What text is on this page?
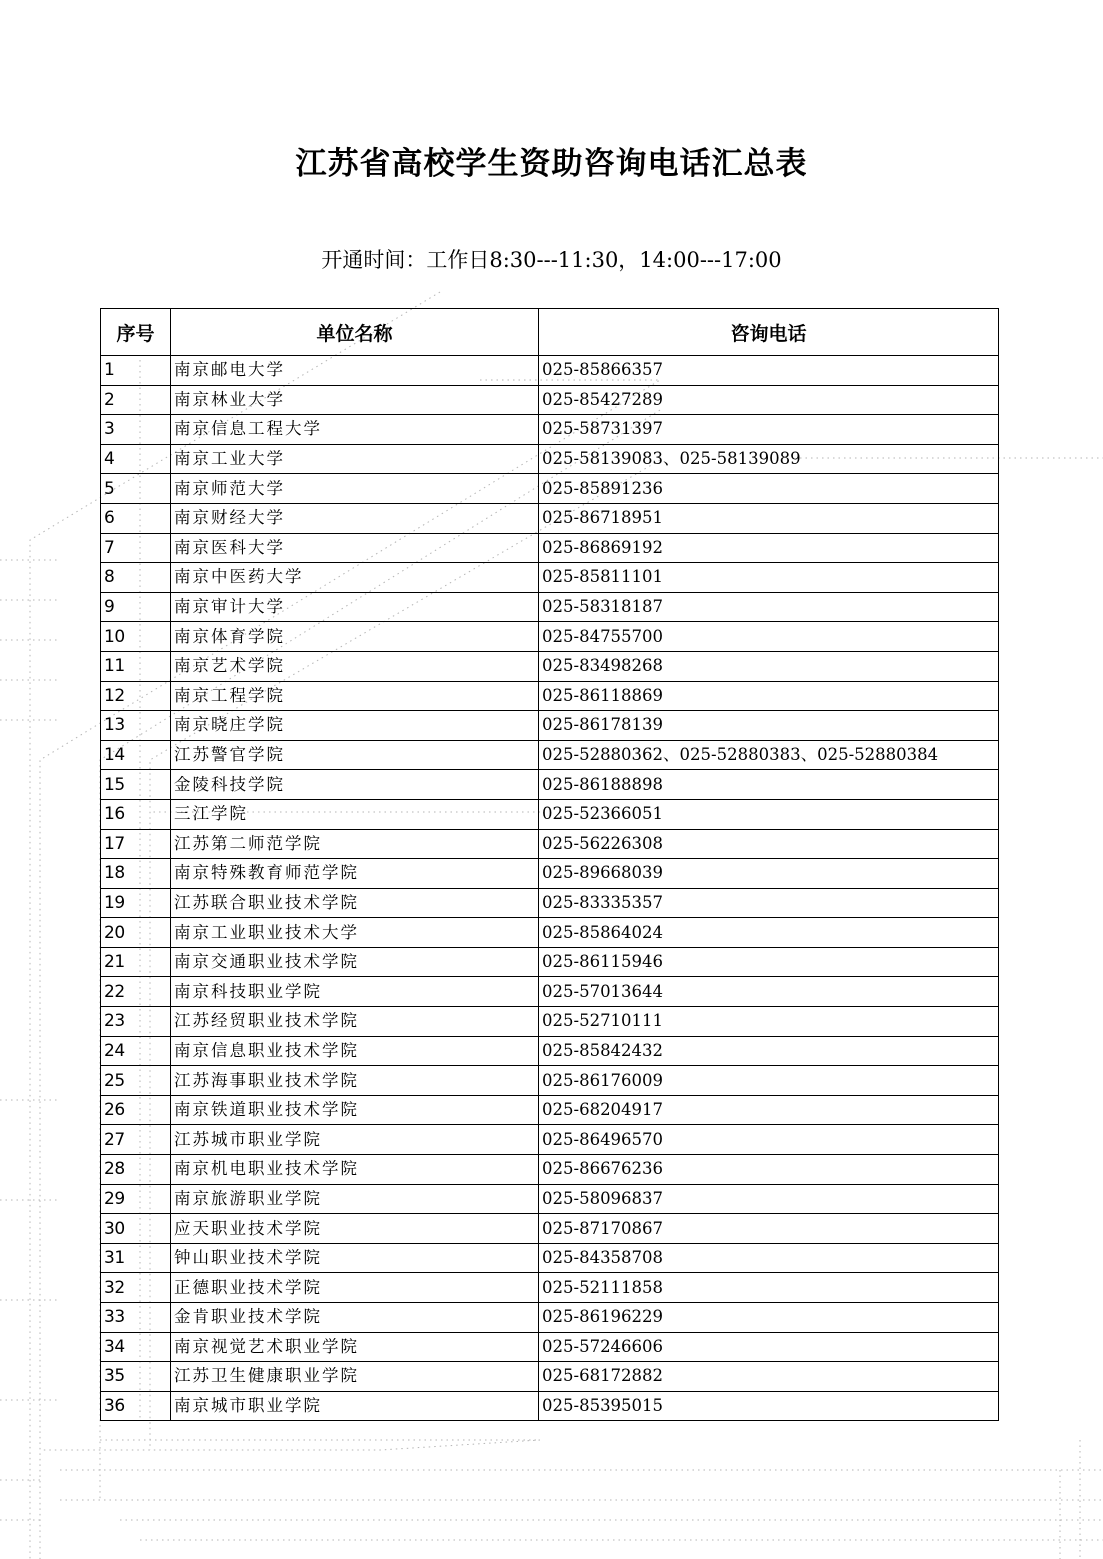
江苏省高校学生资助咨询电话汇总表
开通时间：工作日8:30---11:30，14:00---17:00
序号	单位名称	咨询电话
1	南京邮电大学	025-85866357
2	南京林业大学	025-85427289
3	南京信息工程大学	025-58731397
4	南京工业大学	025-58139083、025-58139089
5	南京师范大学	025-85891236
6	南京财经大学	025-86718951
7	南京医科大学	025-86869192
8	南京中医药大学	025-85811101
9	南京审计大学	025-58318187
10	南京体育学院	025-84755700
11	南京艺术学院	025-83498268
12	南京工程学院	025-86118869
13	南京晓庄学院	025-86178139
14	江苏警官学院	025-52880362、025-52880383、025-52880384
15	金陵科技学院	025-86188898
16	三江学院	025-52366051
17	江苏第二师范学院	025-56226308
18	南京特殊教育师范学院	025-89668039
19	江苏联合职业技术学院	025-83335357
20	南京工业职业技术大学	025-85864024
21	南京交通职业技术学院	025-86115946
22	南京科技职业学院	025-57013644
23	江苏经贸职业技术学院	025-52710111
24	南京信息职业技术学院	025-85842432
25	江苏海事职业技术学院	025-86176009
26	南京铁道职业技术学院	025-68204917
27	江苏城市职业学院	025-86496570
28	南京机电职业技术学院	025-86676236
29	南京旅游职业学院	025-58096837
30	应天职业技术学院	025-87170867
31	钟山职业技术学院	025-84358708
32	正德职业技术学院	025-52111858
33	金肯职业技术学院	025-86196229
34	南京视觉艺术职业学院	025-57246606
35	江苏卫生健康职业学院	025-68172882
36	南京城市职业学院	025-85395015
